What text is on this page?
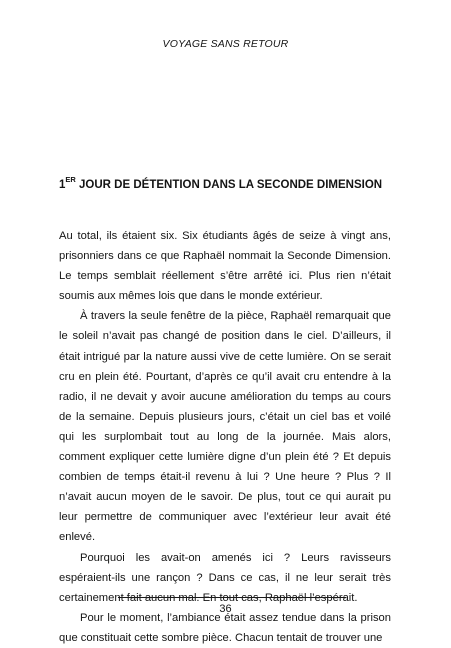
VOYAGE SANS RETOUR
1ER JOUR DE DÉTENTION DANS LA SECONDE DIMENSION

Au total, ils étaient six. Six étudiants âgés de seize à vingt ans, prisonniers dans ce que Raphaël nommait la Seconde Dimension. Le temps semblait réellement s’être arrêté ici. Plus rien n’était soumis aux mêmes lois que dans le monde extérieur.

À travers la seule fenêtre de la pièce, Raphaël remarquait que le soleil n’avait pas changé de position dans le ciel. D’ailleurs, il était intrigué par la nature aussi vive de cette lumière. On se serait cru en plein été. Pourtant, d’après ce qu’il avait cru entendre à la radio, il ne devait y avoir aucune amélioration du temps au cours de la semaine. Depuis plusieurs jours, c’était un ciel bas et voilé qui les surplombait tout au long de la journée. Mais alors, comment expliquer cette lumière digne d’un plein été ? Et depuis combien de temps était-il revenu à lui ? Une heure ? Plus ? Il n’avait aucun moyen de le savoir. De plus, tout ce qui aurait pu leur permettre de communiquer avec l’extérieur leur avait été enlevé.

Pourquoi les avait-on amenés ici ? Leurs ravisseurs espéraient-ils une rançon ? Dans ce cas, il ne leur serait très certainement fait aucun mal. En tout cas, Raphaël l’espérait.

Pour le moment, l’ambiance était assez tendue dans la prison que constituait cette sombre pièce. Chacun tentait de trouver une

36
